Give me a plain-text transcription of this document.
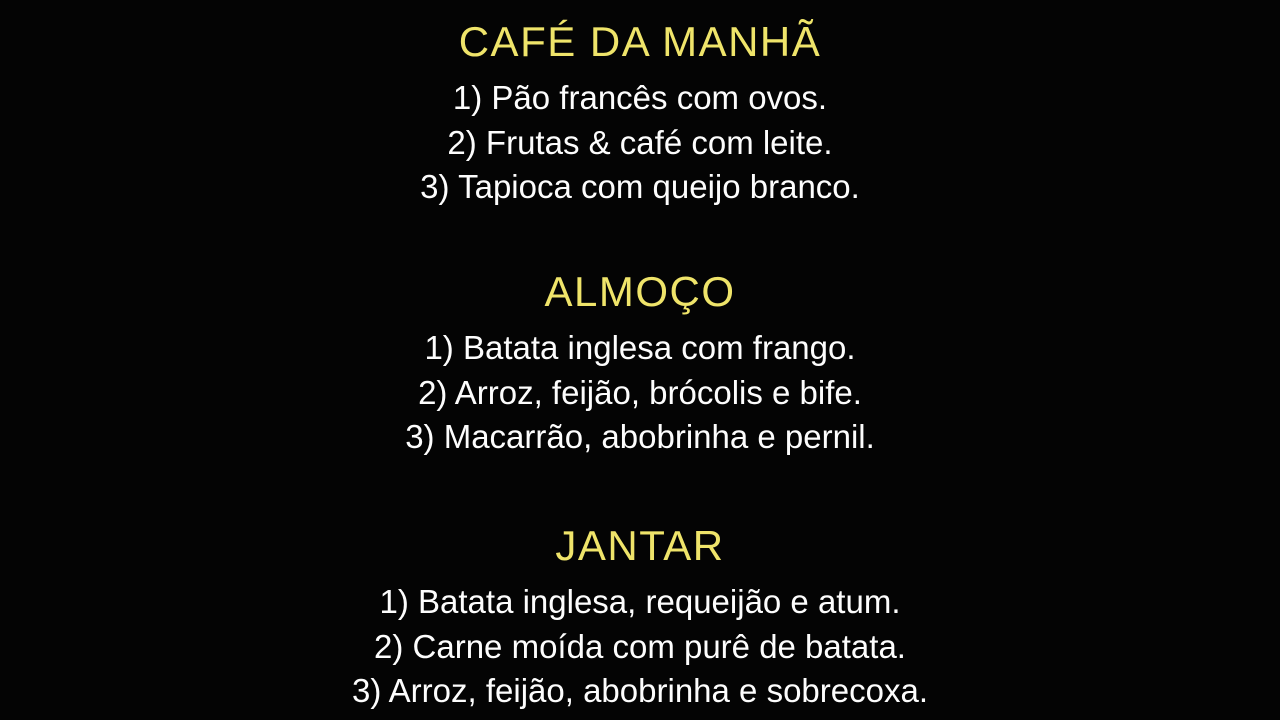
CAFÉ DA MANHÃ
1) Pão francês com ovos.
2) Frutas & café com leite.
3) Tapioca com queijo branco.
ALMOÇO
1) Batata inglesa com frango.
2) Arroz, feijão, brócolis e bife.
3) Macarrão, abobrinha e pernil.
JANTAR
1) Batata inglesa, requeijão e atum.
2) Carne moída com purê de batata.
3) Arroz, feijão, abobrinha e sobrecoxa.
